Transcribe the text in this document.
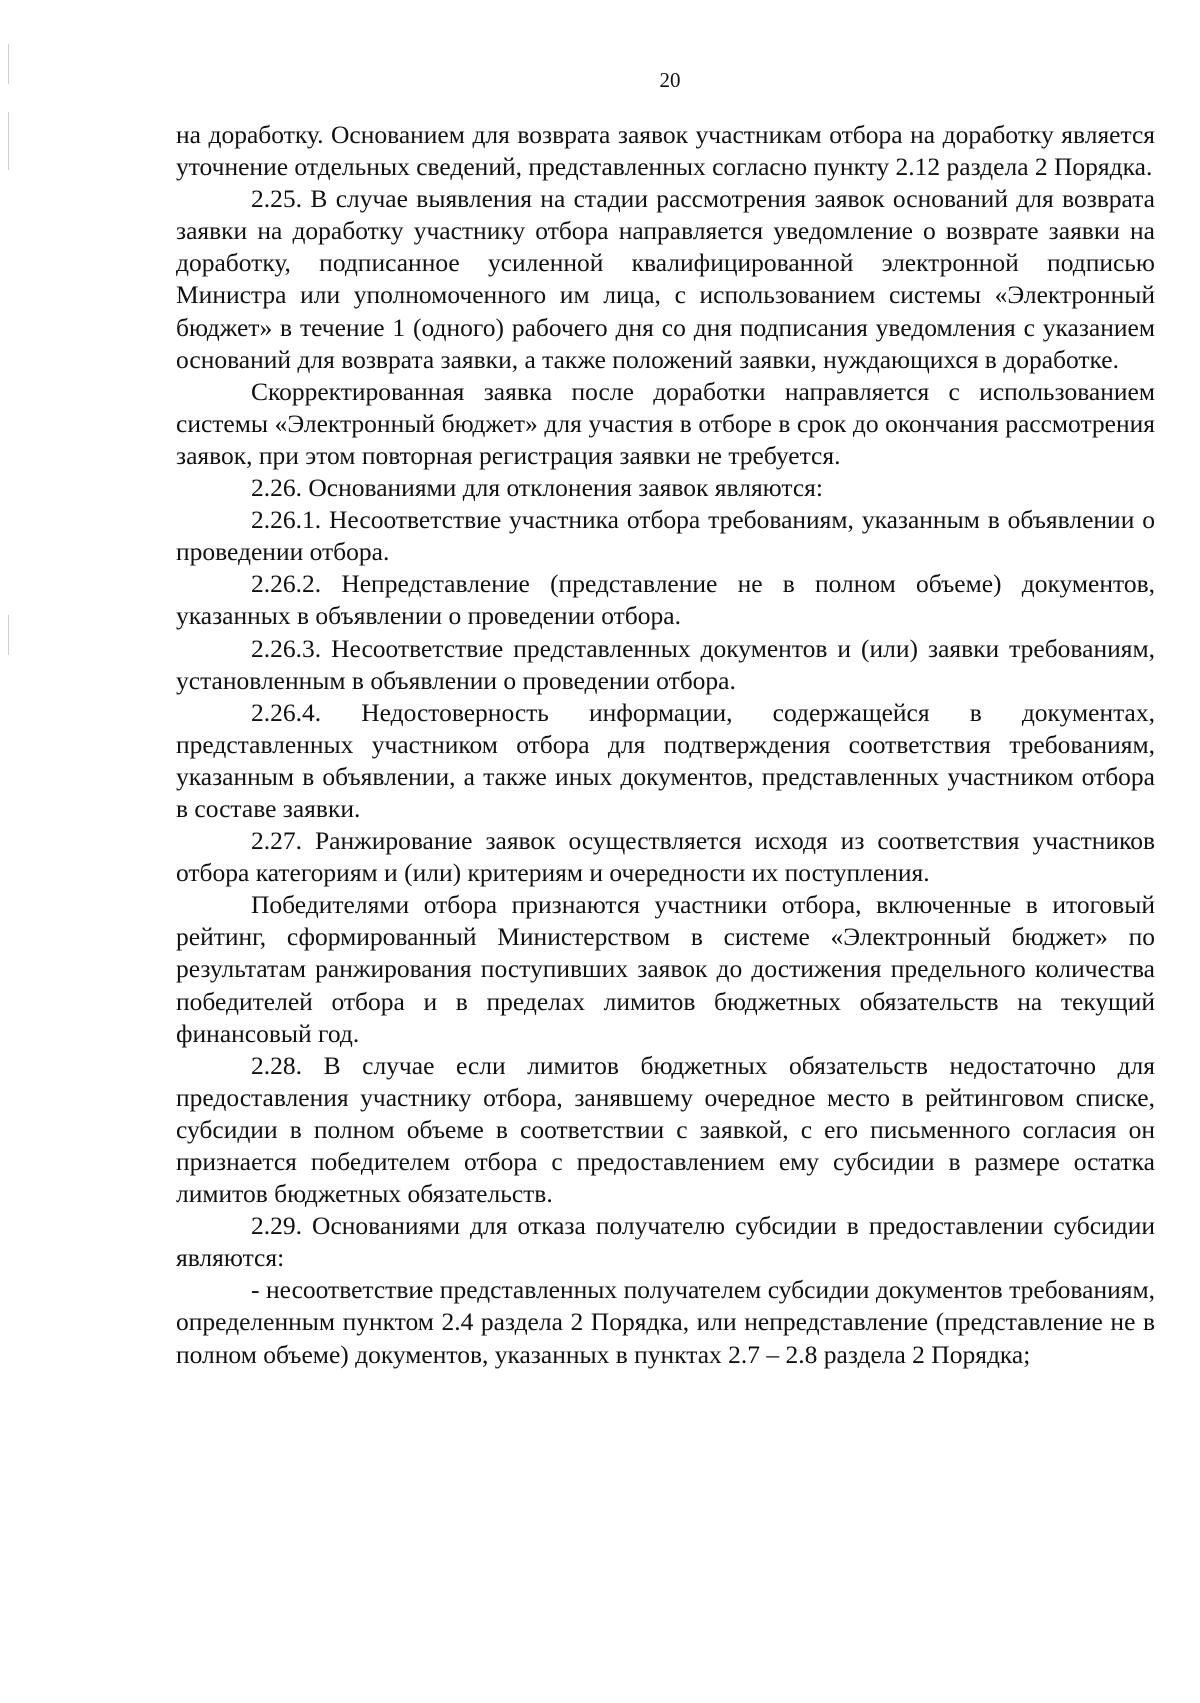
20

на доработку. Основанием для возврата заявок участникам отбора на доработку является уточнение отдельных сведений, представленных согласно пункту 2.12 раздела 2 Порядка.

2.25. В случае выявления на стадии рассмотрения заявок оснований для возврата заявки на доработку участнику отбора направляется уведомление о возврате заявки на доработку, подписанное усиленной квалифицированной электронной подписью Министра или уполномоченного им лица, с использованием системы «Электронный бюджет» в течение 1 (одного) рабочего дня со дня подписания уведомления с указанием оснований для возврата заявки, а также положений заявки, нуждающихся в доработке.

Скорректированная заявка после доработки направляется с использованием системы «Электронный бюджет» для участия в отборе в срок до окончания рассмотрения заявок, при этом повторная регистрация заявки не требуется.

2.26. Основаниями для отклонения заявок являются:

2.26.1. Несоответствие участника отбора требованиям, указанным в объявлении о проведении отбора.

2.26.2. Непредставление (представление не в полном объеме) документов, указанных в объявлении о проведении отбора.

2.26.3. Несоответствие представленных документов и (или) заявки требованиям, установленным в объявлении о проведении отбора.

2.26.4. Недостоверность информации, содержащейся в документах, представленных участником отбора для подтверждения соответствия требованиям, указанным в объявлении, а также иных документов, представленных участником отбора в составе заявки.

2.27. Ранжирование заявок осуществляется исходя из соответствия участников отбора категориям и (или) критериям и очередности их поступления.

Победителями отбора признаются участники отбора, включенные в итоговый рейтинг, сформированный Министерством в системе «Электронный бюджет» по результатам ранжирования поступивших заявок до достижения предельного количества победителей отбора и в пределах лимитов бюджетных обязательств на текущий финансовый год.

2.28. В случае если лимитов бюджетных обязательств недостаточно для предоставления участнику отбора, занявшему очередное место в рейтинговом списке, субсидии в полном объеме в соответствии с заявкой, с его письменного согласия он признается победителем отбора с предоставлением ему субсидии в размере остатка лимитов бюджетных обязательств.

2.29. Основаниями для отказа получателю субсидии в предоставлении субсидии являются:

- несоответствие представленных получателем субсидии документов требованиям, определенным пунктом 2.4 раздела 2 Порядка, или непредставление (представление не в полном объеме) документов, указанных в пунктах 2.7 – 2.8 раздела 2 Порядка;
